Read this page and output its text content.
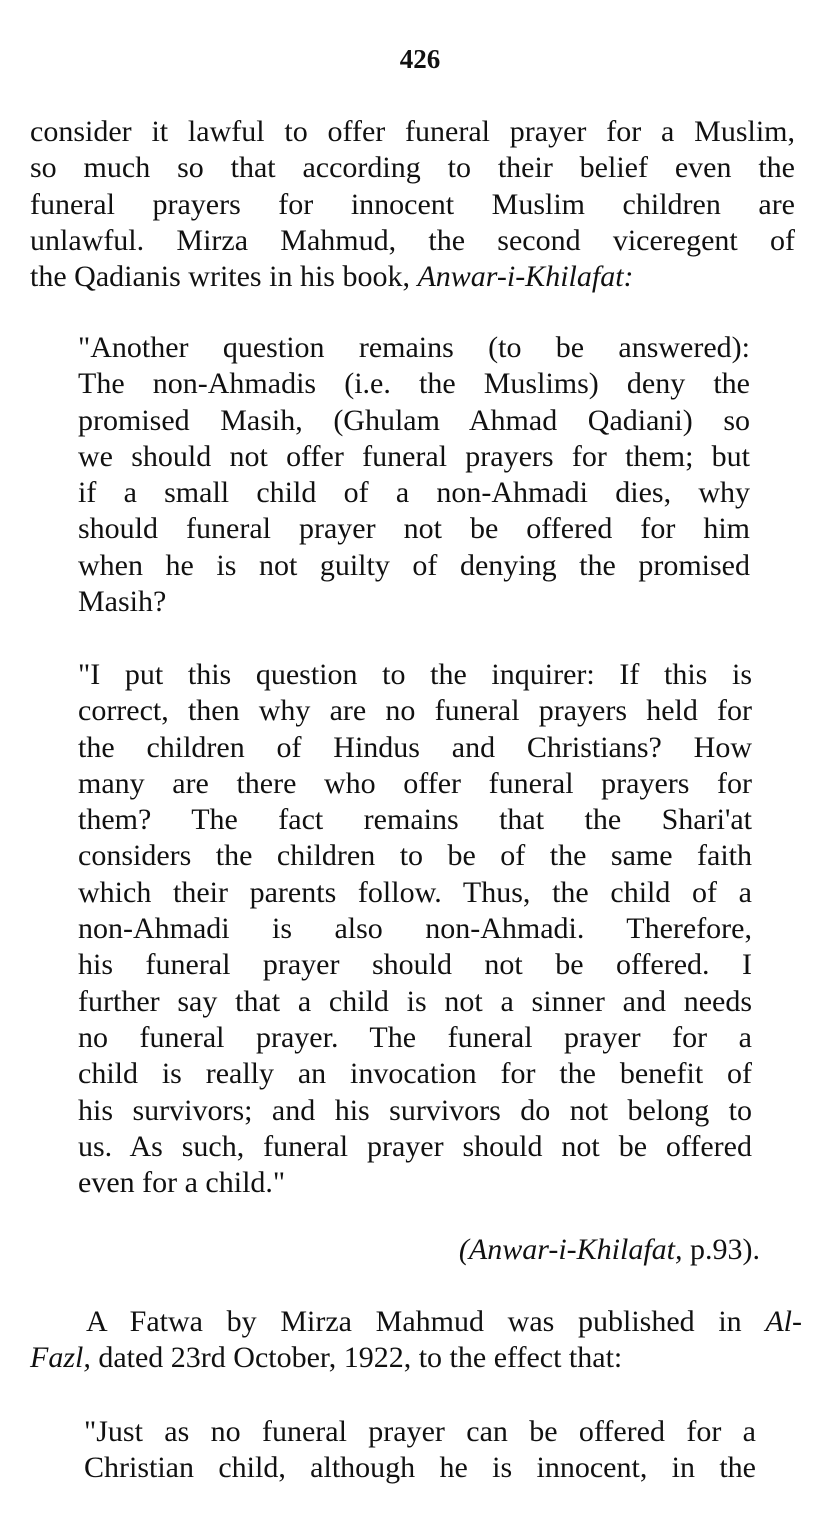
426
consider it lawful to offer funeral prayer for a Muslim,
so much so that according to their belief even the
funeral prayers for innocent Muslim children are
unlawful. Mirza Mahmud, the second viceregent of
the Qadianis writes in his book, Anwar-i-Khilafat:
"Another question remains (to be answered):
The non-Ahmadis (i.e. the Muslims) deny the
promised Masih, (Ghulam Ahmad Qadiani) so
we should not offer funeral prayers for them; but
if a small child of a non-Ahmadi dies, why
should funeral prayer not be offered for him
when he is not guilty of denying the promised
Masih?
"I put this question to the inquirer: If this is
correct, then why are no funeral prayers held for
the children of Hindus and Christians? How
many are there who offer funeral prayers for
them? The fact remains that the Shari'at
considers the children to be of the same faith
which their parents follow. Thus, the child of a
non-Ahmadi is also non-Ahmadi. Therefore,
his funeral prayer should not be offered. I
further say that a child is not a sinner and needs
no funeral prayer. The funeral prayer for a
child is really an invocation for the benefit of
his survivors; and his survivors do not belong to
us. As such, funeral prayer should not be offered
even for a child."
(Anwar-i-Khilafat, p.93).
A Fatwa by Mirza Mahmud was published in Al-
Fazl, dated 23rd October, 1922, to the effect that:
"Just as no funeral prayer can be offered for a
Christian child, although he is innocent, in the
